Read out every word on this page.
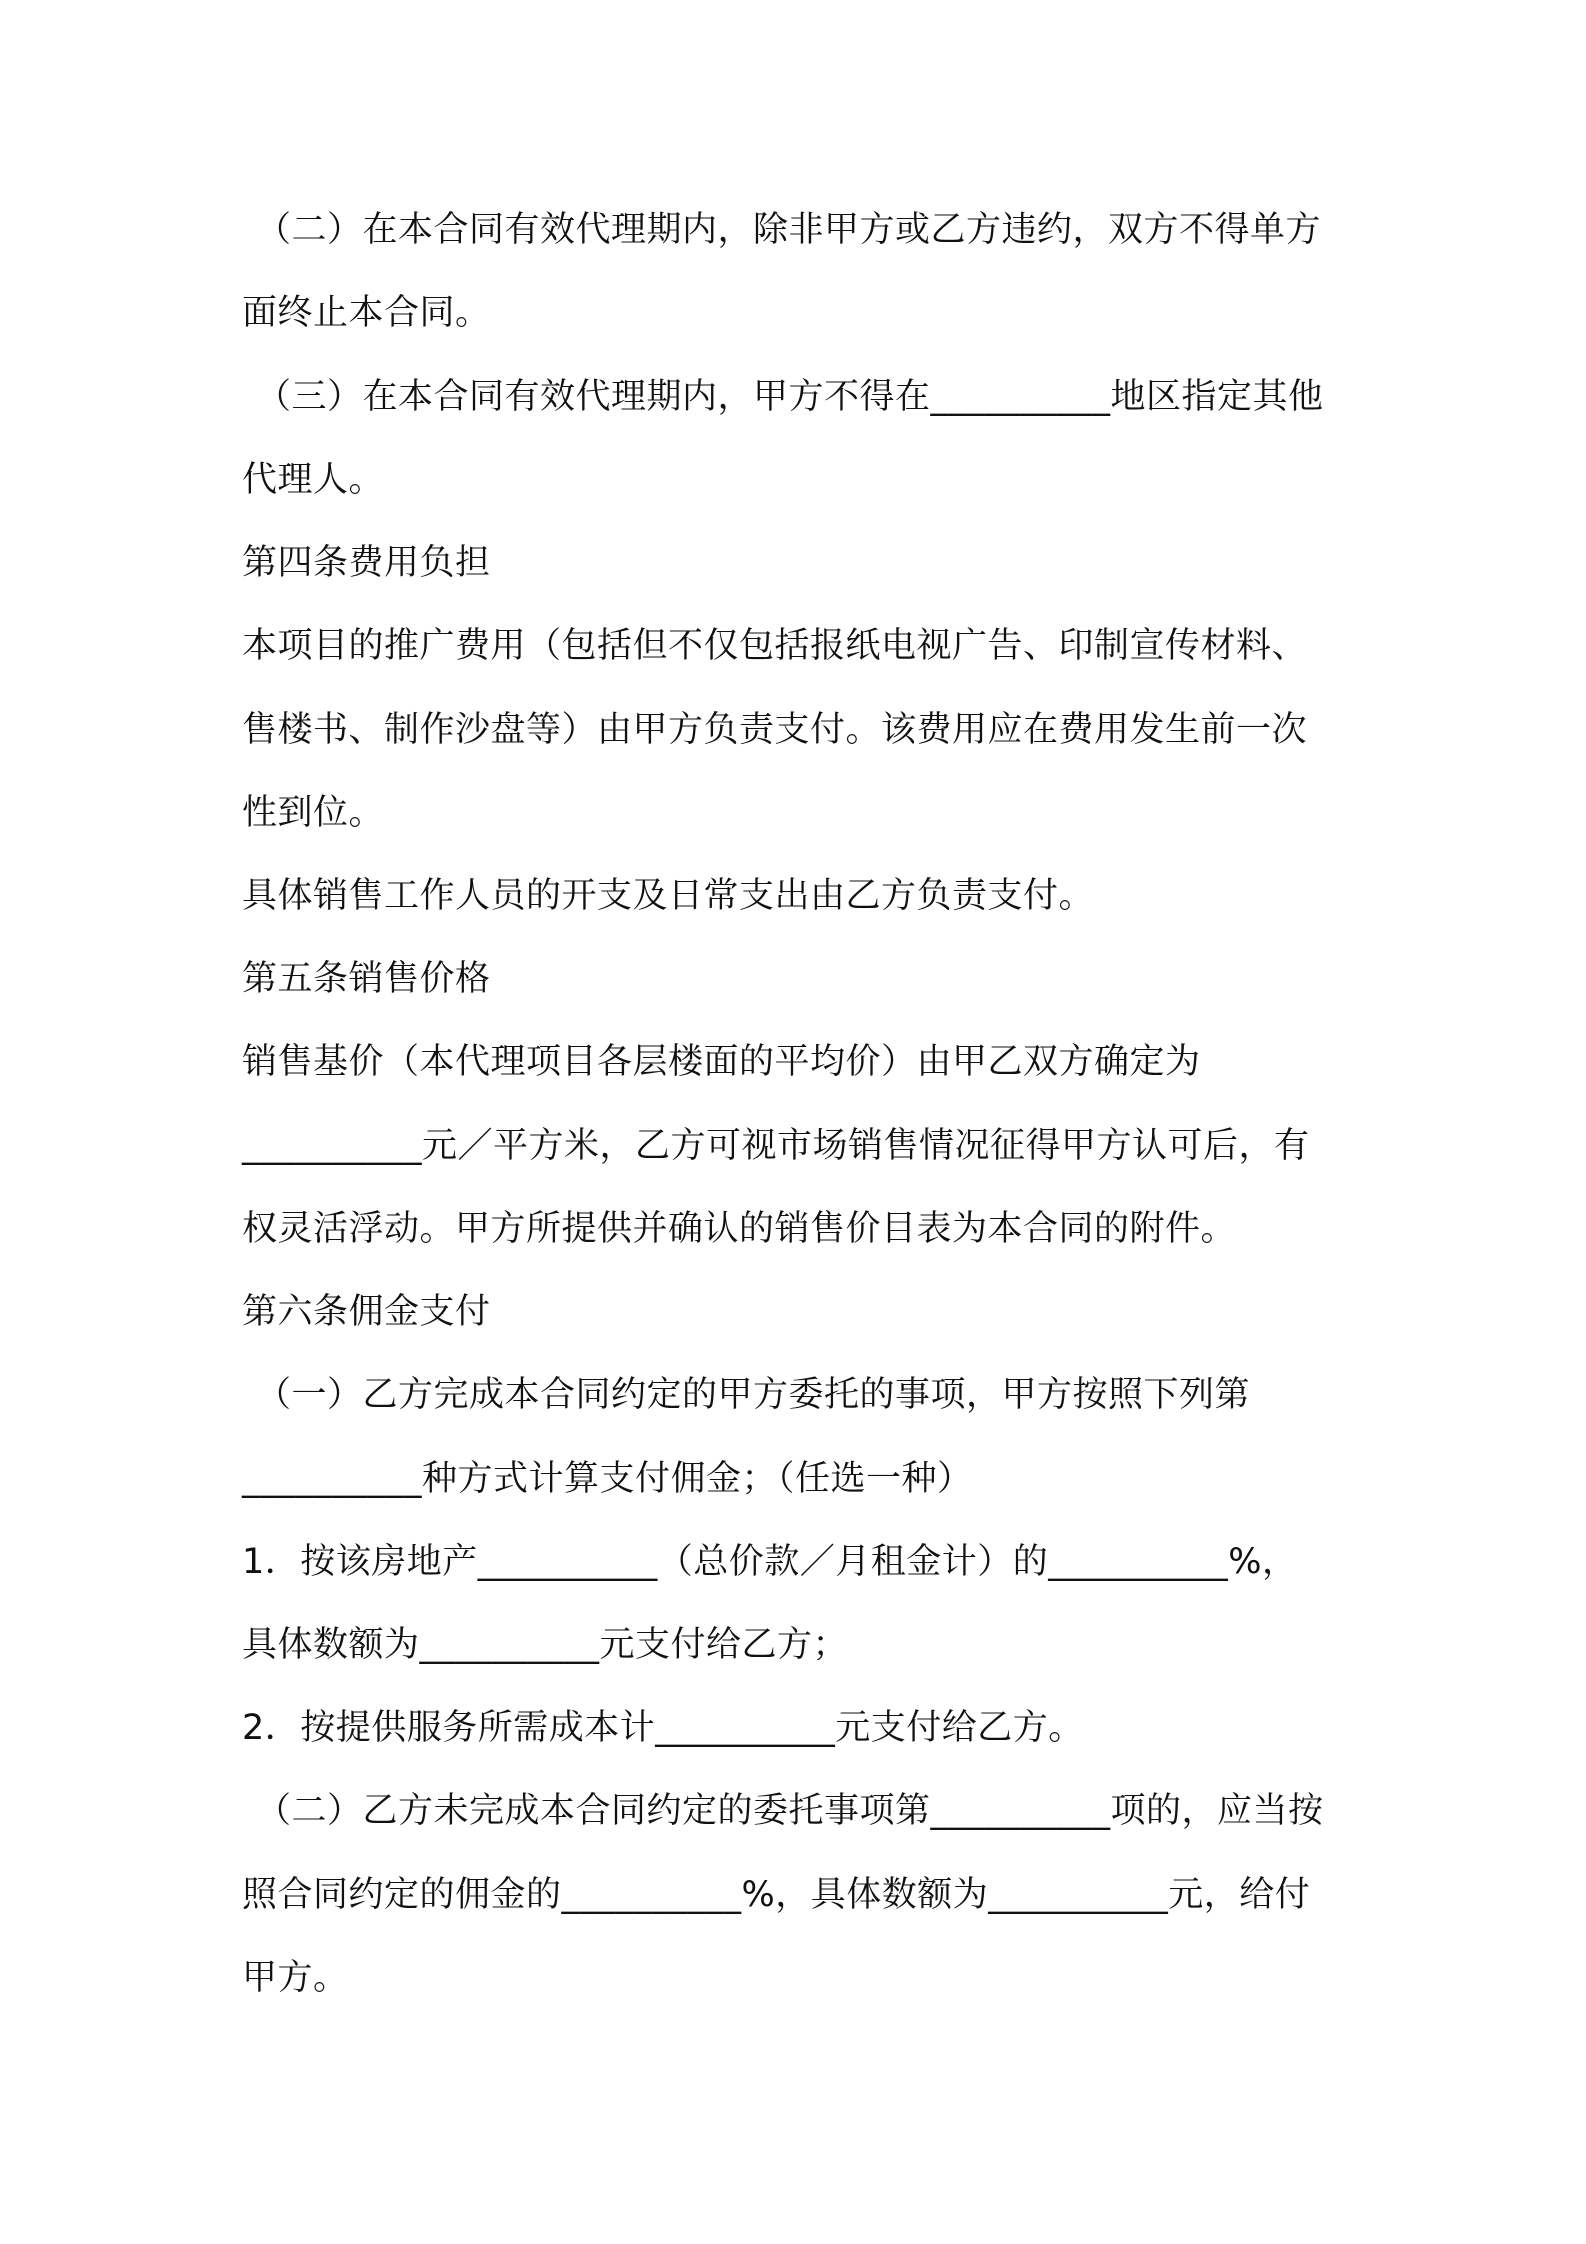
（二）在本合同有效代理期内，除非甲方或乙方违约，双方不得单方
面终止本合同。
（三）在本合同有效代理期内，甲方不得在__________地区指定其他
代理人。
第四条费用负担
本项目的推广费用（包括但不仅包括报纸电视广告、印制宣传材料、
售楼书、制作沙盘等）由甲方负责支付。该费用应在费用发生前一次
性到位。
具体销售工作人员的开支及日常支出由乙方负责支付。
第五条销售价格
销售基价（本代理项目各层楼面的平均价）由甲乙双方确定为
__________元／平方米，乙方可视市场销售情况征得甲方认可后，有
权灵活浮动。甲方所提供并确认的销售价目表为本合同的附件。
第六条佣金支付
（一）乙方完成本合同约定的甲方委托的事项，甲方按照下列第
__________种方式计算支付佣金；（任选一种）
1．按该房地产__________（总价款／月租金计）的__________%，
具体数额为__________元支付给乙方；
2．按提供服务所需成本计__________元支付给乙方。
（二）乙方未完成本合同约定的委托事项第__________项的，应当按
照合同约定的佣金的__________%，具体数额为__________元，给付
甲方。
